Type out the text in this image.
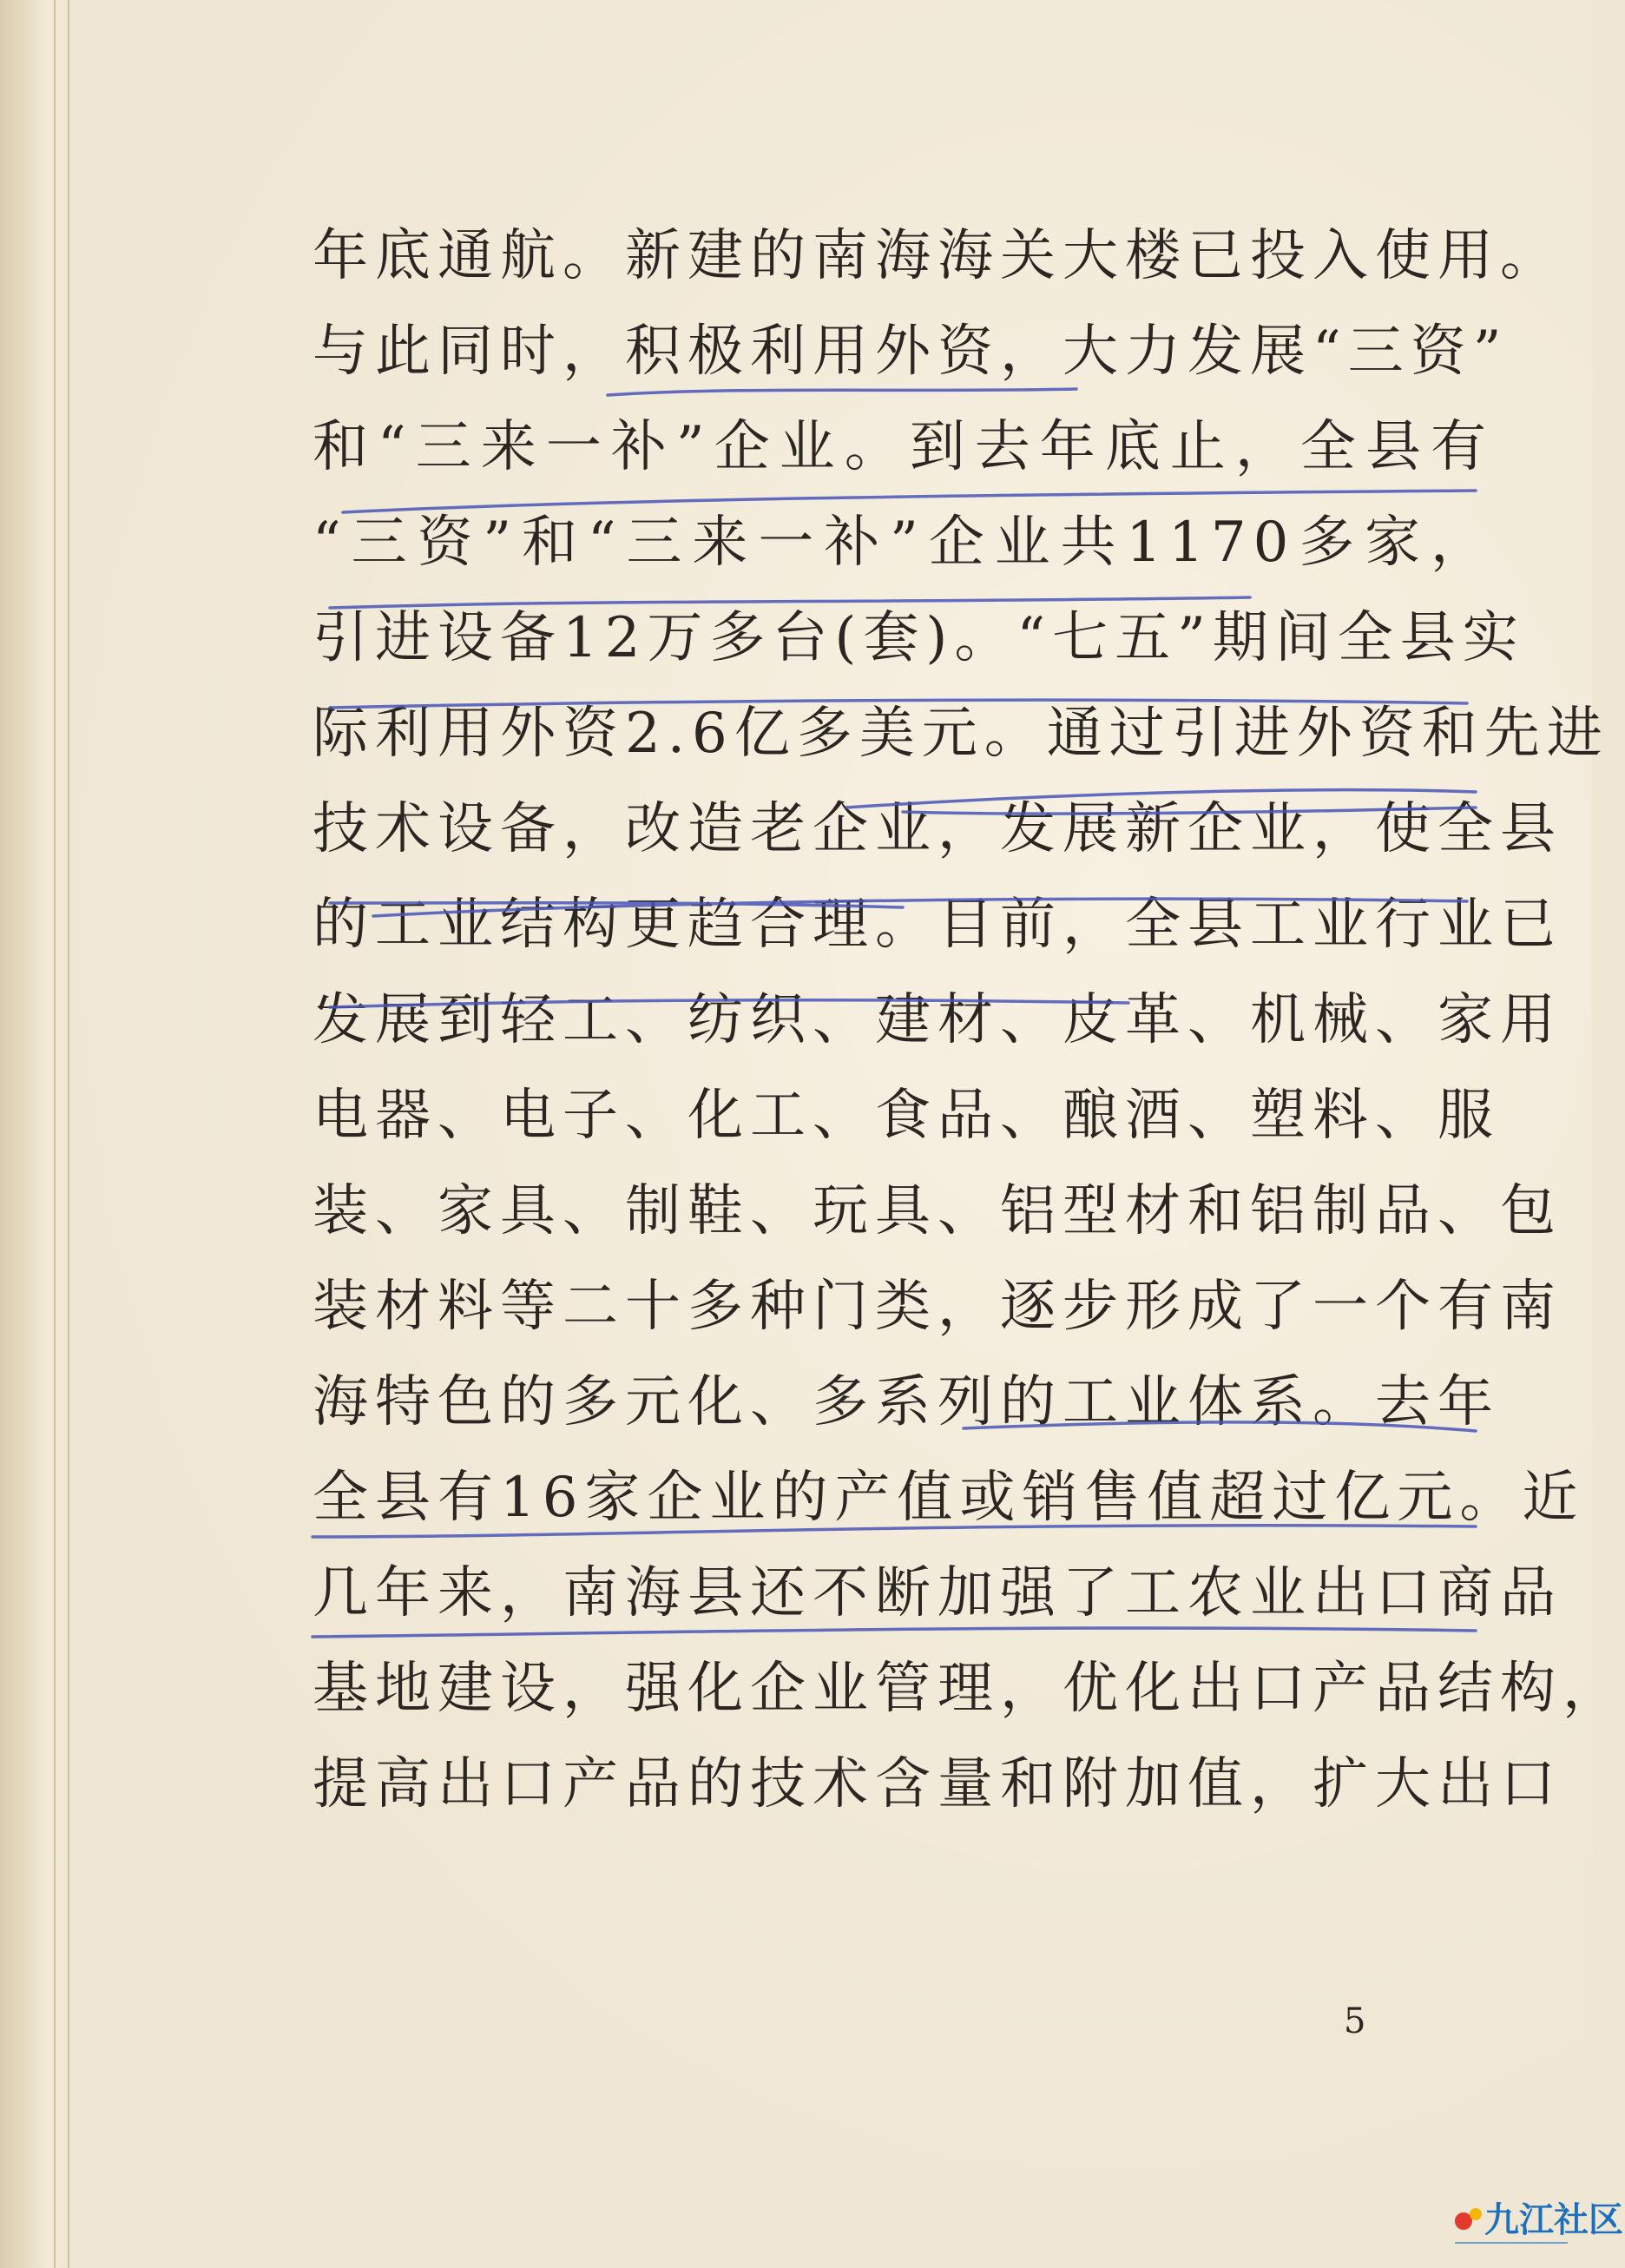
年底通航。新建的南海海关大楼已投入使用。
与此同时，积极利用外资，大力发展“三资”
和“三来一补”企业。到去年底止，全县有
“三资”和“三来一补”企业共1170多家，
引进设备12万多台(套)。“七五”期间全县实
际利用外资2.6亿多美元。通过引进外资和先进
技术设备，改造老企业，发展新企业，使全县
的工业结构更趋合理。目前，全县工业行业已
发展到轻工、纺织、建材、皮革、机械、家用
电器、电子、化工、食品、酿酒、塑料、服
装、家具、制鞋、玩具、铝型材和铝制品、包
装材料等二十多种门类，逐步形成了一个有南
海特色的多元化、多系列的工业体系。去年
全县有16家企业的产值或销售值超过亿元。近
几年来，南海县还不断加强了工农业出口商品
基地建设，强化企业管理，优化出口产品结构，
提高出口产品的技术含量和附加值，扩大出口
5
九江社区
